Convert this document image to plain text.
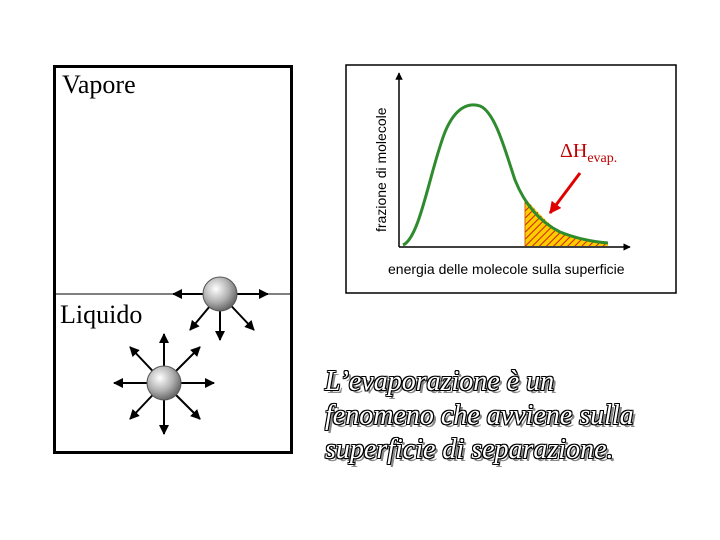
Vapore
Liquido
frazione di molecole
energia delle molecole sulla superficie
$\Delta H_{evap.}$
L’evaporazione è un
fenomeno che avviene sulla
superficie di separazione.
